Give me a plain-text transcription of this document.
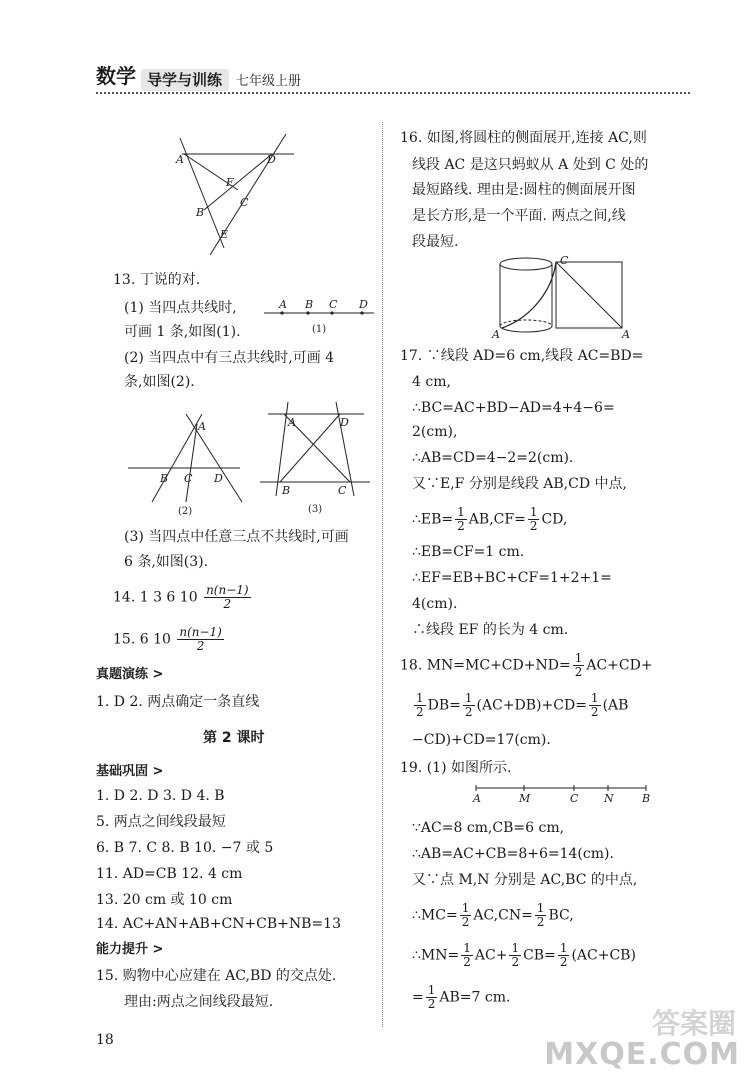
数学 导学与训练 七年级上册
A	D
F
C
B
E
13. 丁说的对.
(1) 当四点共线时,
可画 1 条,如图(1).
A B C D
(1)
(2) 当四点中有三点共线时,可画 4
条,如图(2).
A
B C D
(2)
A	D
B	C
(3)
(3) 当四点中任意三点不共线时,可画
6 条,如图(3).
14. 1 3 6 $10 \frac{n(n-1)}{2}$
15. 6 $10 \frac{n(n-1)}{2}$
真题演练 >
1. D 2. 两点确定一条直线
第 2 课时
基础巩固 >
1. D 2. D 3. D 4. B
5. 两点之间线段最短
6. B 7. C 8. B 10. −7 或 5
11. AD=CB 12. 4 cm
13. 20 cm 或 10 cm
14. AC+AN+AB+CN+CB+NB=13
能力提升 >
15. 购物中心应建在 AC,BD 的交点处.
理由:两点之间线段最短.
16. 如图,将圆柱的侧面展开,连接 AC,则
线段 AC 是这只蚂蚁从 A 处到 C 处的
最短路线. 理由是:圆柱的侧面展开图
是长方形,是一个平面. 两点之间,线
段最短.
C
A	A
17. ∵线段 AD=6 cm,线段 AC=BD=
4 cm,
∴BC=AC+BD−AD=4+4−6=
2(cm),
∴AB=CD=4−2=2(cm).
又∵E,F 分别是线段 AB,CD 中点,
∴EB= $\frac{1}{2} AB,CF= \frac{1}{2}$ CD,
∴EB=CF=1 cm.
∴EF=EB+BC+CF=1+2+1=
4(cm).
∴线段 EF 的长为 4 cm.
18. $MN=MC+CD+ND= \frac{1}{2} AC+CD+$
$\frac{1}{2} DB= \frac{1}{2} (AC+DB)+CD= \frac{1}{2} (AB$
−CD)+CD=17(cm).
19. (1) 如图所示.
A	M	C N	B
∵AC=8 cm,CB=6 cm,
∴AB=AC+CB=8+6=14(cm).
又∵点 M,N 分别是 AC,BC 的中点,
∴MC= $\frac{1}{2} AC,CN= \frac{1}{2}$ BC,
∴MN= $\frac{1}{2} AC+ \frac{1}{2} CB= \frac{1}{2} (AC+CB)$
= $\frac{1}{2} AB=7$ cm.
18	答案圈
MXQE.COM
